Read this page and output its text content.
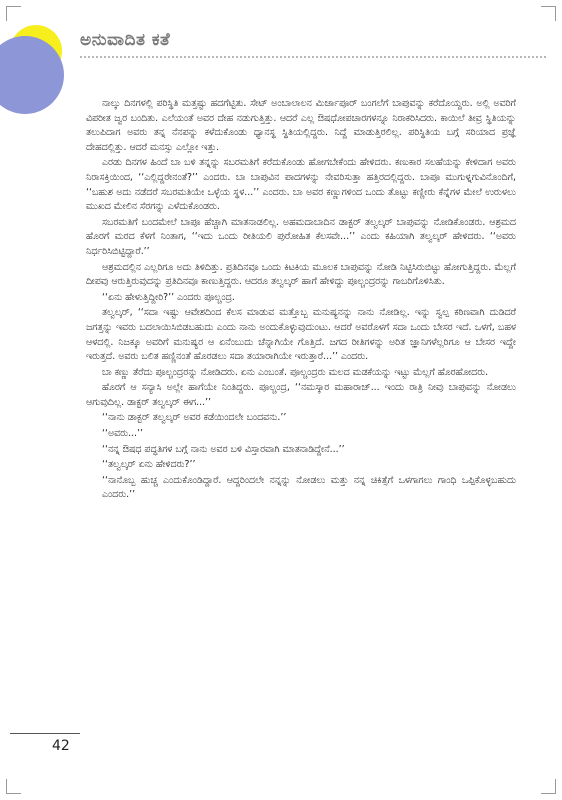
ಅನುವಾದಿತ ಕತೆ

ನಾಲ್ಕು ದಿನಗಳಲ್ಲಿ ಪರಿಸ್ಥಿತಿ ಮತ್ತಷ್ಟು ಹದಗೆಟ್ಟಿತು. ಸೇಟ್ ಅಂಬಾಲಾಲನ ಮಿರ್ಜಾಪೂರ್ ಬಂಗಲೆಗೆ ಬಾಪುವನ್ನು ಕರೆದೊಯ್ದರು. ಅಲ್ಲಿ ಅವರಿಗೆ ವಿಪರೀತ ಜ್ವರ ಬಂದಿತು. ಎಲೆಯಂತೆ ಅವರ ದೇಹ ನಡುಗುತ್ತಿತ್ತು. ಆದರೆ ಎಲ್ಲ ಔಷಧೋಪಚಾರಗಳನ್ನೂ ನಿರಾಕರಿಸಿದರು. ಕಾಯಿಲೆ ತೀವ್ರ ಸ್ಥಿತಿಯನ್ನು ತಲುಪಿದಾಗ ಅವರು ತನ್ನ ನೆನಪನ್ನು ಕಳೆದುಕೊಂಡು ಧ್ಯಾನಸ್ಥ ಸ್ಥಿತಿಯಲ್ಲಿದ್ದರು. ನಿದ್ದೆ ಮಾಡುತ್ತಿರಲಿಲ್ಲ. ಪರಿಸ್ಥಿತಿಯ ಬಗ್ಗೆ ಸರಿಯಾದ ಪ್ರಜ್ಞೆ ದೇಹದಲ್ಲಿತ್ತು. ಆದರೆ ಮನಸ್ಸು ಎಲ್ಲೋ ಇತ್ತು.

ಎರಡು ದಿನಗಳ ಹಿಂದೆ ಬಾ ಬಳಿ ತನ್ನನ್ನು ಸಬರಮತಿಗೆ ಕರೆದುಕೊಂಡು ಹೋಗಬೇಕೆಂದು ಹೇಳಿದರು. ಕಣುಕಾರ ಸಲಹೆಯನ್ನು ಕೇಳಿದಾಗ ಅವರು ನಿರಾಸಕ್ತಿಯಿಂದ, ‘‘ಎಲ್ಲಿದ್ದರೇನಂತೆ?’’ ಎಂದರು. ಬಾ ಬಾಪುವಿನ ಪಾದಗಳನ್ನು ನೇವರಿಸುತ್ತಾ ಹತ್ತಿರದಲ್ಲಿದ್ದರು. ಬಾಪೂ ಮುಗುಳ್ನಗುವಿನೊಂದಿಗೆ, ‘‘ಬಹುಶ ಅದು ನಡೆದರೆ ಸಬರಮತಿಯೇ ಒಳ್ಳೆಯ ಸ್ಥಳ...’’ ಎಂದರು. ಬಾ ಅವರ ಕಣ್ಣುಗಳಿಂದ ಒಂದು ತೊಟ್ಟು ಕಣ್ಣೀರು ಕೆನ್ನೆಗಳ ಮೇಲೆ ಉರುಳಲು ಮುಖದ ಮೇಲಿನ ಸೆರಗನ್ನು ಎಳೆದುಕೊಂಡರು.

ಸಬರಮತಿಗೆ ಬಂದಮೇಲೆ ಬಾಪೂ ಹೆಚ್ಚಾಗಿ ಮಾತನಾಡಲಿಲ್ಲ. ಅಹಮದಾಬಾದಿನ ಡಾಕ್ಟರ್ ತಲ್ವಲ್ಕರ್ ಬಾಪುವನ್ನು ನೋಡಿಕೊಂಡರು. ಆಶ್ರಮದ ಹೊರಗೆ ಮರದ ಕೆಳಗೆ ನಿಂತಾಗ, ‘‘ಇದು ಒಂದು ರೀತಿಯಲಿ ಪುರೋಹಿತ ಕೆಲಸವೇ...’’ ಎಂದು ಕಹಿಯಾಗಿ ತಲ್ವಲ್ಕರ್ ಹೇಳಿದರು. ‘‘ಅವರು ನಿರ್ಧರಿಸಿಬಿಟ್ಟಿದ್ದಾರೆ.’’

ಆಶ್ರಮದಲ್ಲಿನ ಎಲ್ಲರಿಗೂ ಅದು ತಿಳಿದಿತ್ತು. ಪ್ರತಿದಿನವೂ ಒಂದು ಕಿಟಕಿಯ ಮೂಲಕ ಬಾಪುವನ್ನು ನೋಡಿ ನಿಟ್ಟಿಸಿರುಬಿಟ್ಟು ಹೋಗುತ್ತಿದ್ದರು. ಮೆಲ್ಲಗೆ ದೀಪವು ಆರುತ್ತಿರುವುದನ್ನು ಪ್ರತಿದಿನವೂ ಕಾಣುತ್ತಿದ್ದರು. ಆದರೂ ತಲ್ವಲ್ಕರ್ ಹಾಗೆ ಹೇಳಿದ್ದು ಪೂಲ್ಚಂದ್ರರನ್ನು ಗಾಬರಿಗೊಳಿಸಿತು.

‘‘ಏನು ಹೇಳುತ್ತಿದ್ದೀರಿ?’’ ಎಂದರು ಪೂಲ್ಚಂದ್ರ.

ತಲ್ವಲ್ಕರ್, ‘‘ಸದಾ ಇಷ್ಟು ಆವೇಶದಿಂದ ಕೆಲಸ ಮಾಡುವ ಮತ್ತೊಬ್ಬ ಮನುಷ್ಯನನ್ನು ನಾನು ನೋಡಿಲ್ಲ. ಇನ್ನು ಸ್ವಲ್ಪ ಕಠಿಣವಾಗಿ ದುಡಿದರೆ ಜಗತ್ತನ್ನು ಇವರು ಬದಲಾಯಿಸಿಬಿಡಬಹುದು ಎಂದು ನಾನು ಅಂದುಕೊಳ್ಳುವುದುಂಟು. ಆದರೆ ಅವರೊಳಗೆ ಸದಾ ಒಂದು ಬೇಸರ ಇದೆ. ಒಳಗೆ, ಬಹಳ ಆಳದಲ್ಲಿ. ನಿಜಕ್ಕೂ ಅವರಿಗೆ ಮನುಷ್ಯರ ಆ ಏನೆಂಬುದು ಚೆನ್ನಾಗಿಯೇ ಗೊತ್ತಿದೆ. ಜಗದ ರೀತಿಗಳನ್ನು ಅರಿತ ಜ್ಞಾನಿಗಳೆಲ್ಲರಿಗೂ ಆ ಬೇಸರ ಇದ್ದೇ ಇರುತ್ತದೆ. ಅವರು ಬಲಿತ ಹಣ್ಣಿನಂತೆ ಹೊರಡಲು ಸದಾ ತಯಾರಾಗಿಯೇ ಇರುತ್ತಾರೆ...’’ ಎಂದರು.

ಬಾ ಕಣ್ಣು ತೆರೆದು ಪೂಲ್ಚಂದ್ರರನ್ನು ನೋಡಿದರು. ಏನು ಎಂಬಂತೆ. ಪೂಲ್ಚಂದ್ರರು ಮಲದ ಮಡಕೆಯನ್ನು ಇಟ್ಟು ಮೆಲ್ಲಗೆ ಹೊರಹೋದರು.

ಹೊರಗೆ ಆ ಸನ್ಯಾಸಿ ಅಲ್ಲೇ ಹಾಗೆಯೇ ನಿಂತಿದ್ದರು. ಪೂಲ್ಚಂದ್ರ, ‘‘ನಮಸ್ಕಾರ ಮಹಾರಾಜ್... ಇಂದು ರಾತ್ರಿ ನೀವು ಬಾಪುವನ್ನು ನೋಡಲು ಆಗುವುದಿಲ್ಲ. ಡಾಕ್ಟರ್ ತಲ್ವಲ್ಕರ್ ಈಗ...’’

‘‘ನಾನು ಡಾಕ್ಟರ್ ತಲ್ವಲ್ಕರ್ ಅವರ ಕಡೆಯಿಂದಲೇ ಬಂದವನು.’’

‘‘ಅವರು...’’

‘‘ನನ್ನ ಔಷಧ ಪದ್ಧತಿಗಳ ಬಗ್ಗೆ ನಾನು ಅವರ ಬಳಿ ವಿಸ್ತಾರವಾಗಿ ಮಾತನಾಡಿದ್ದೇನೆ...’’

‘‘ತಲ್ವಲ್ಕರ್ ಏನು ಹೇಳಿದರು?’’

‘‘ನಾನೊಬ್ಬ ಹುಚ್ಚ ಎಂದುಕೊಂಡಿದ್ದಾರೆ. ಆದ್ದರಿಂದಲೇ ನನ್ನನ್ನು ನೋಡಲು ಮತ್ತು ನನ್ನ ಚಿಕಿತ್ಸೆಗೆ ಒಳಗಾಗಲು ಗಾಂಧಿ ಒಪ್ಪಿಕೊಳ್ಳಬಹುದು ಎಂದರು.’’

42
